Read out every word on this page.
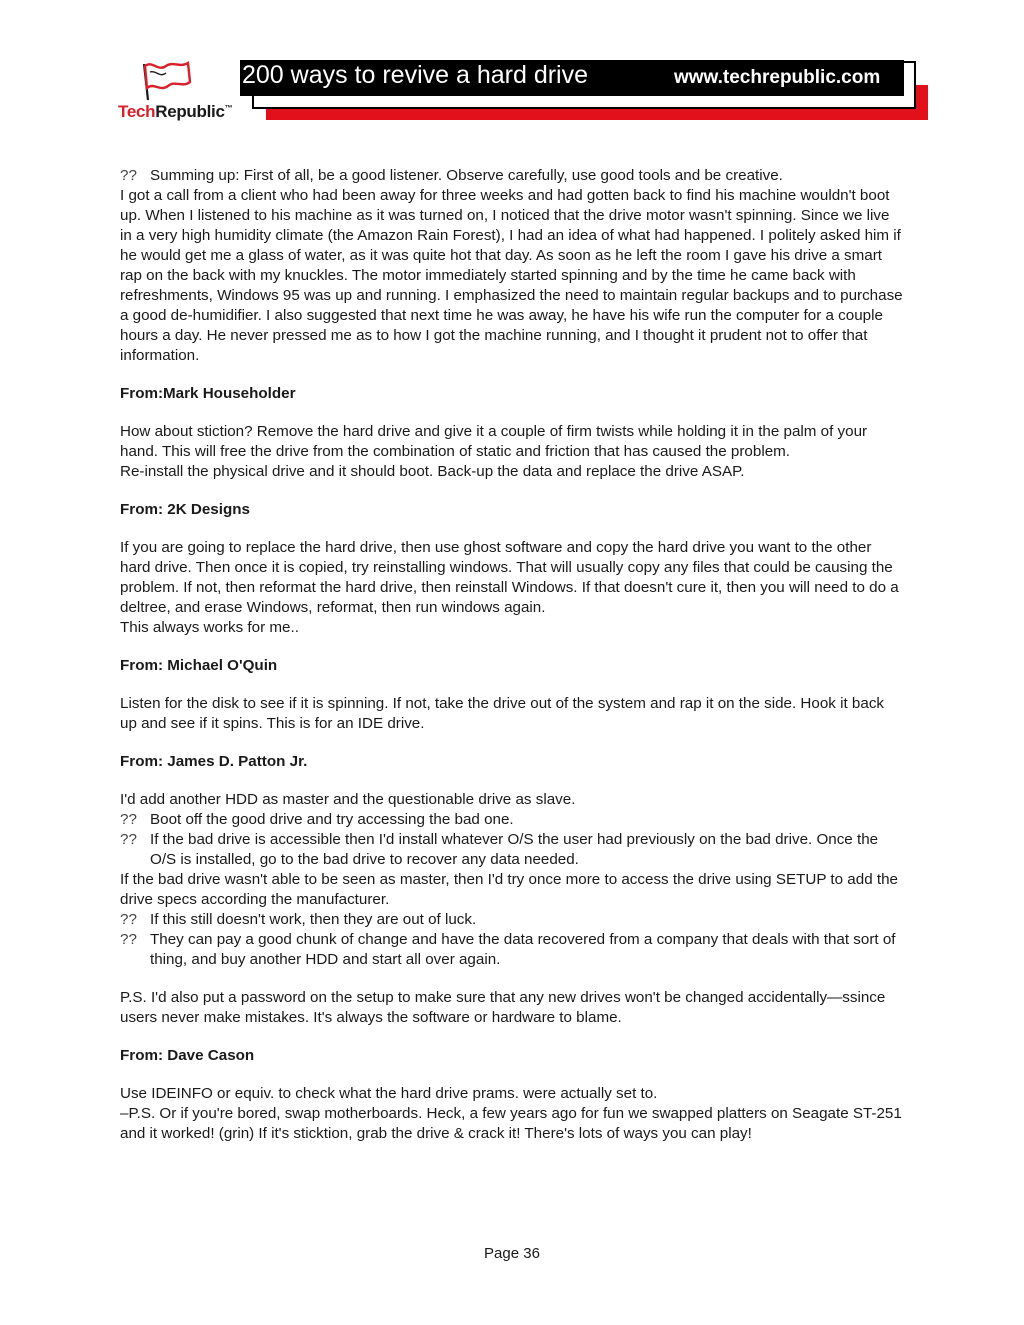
TechRepublic™
200 ways to revive a hard drive	www.techrepublic.com
?? Summing up: First of all, be a good listener. Observe carefully, use good tools and be creative.

I got a call from a client who had been away for three weeks and had gotten back to find his machine wouldn't boot up. When I listened to his machine as it was turned on, I noticed that the drive motor wasn't spinning. Since we live in a very high humidity climate (the Amazon Rain Forest), I had an idea of what had happened. I politely asked him if he would get me a glass of water, as it was quite hot that day. As soon as he left the room I gave his drive a smart rap on the back with my knuckles. The motor immediately started spinning and by the time he came back with refreshments, Windows 95 was up and running. I emphasized the need to maintain regular backups and to purchase a good de-humidifier. I also suggested that next time he was away, he have his wife run the computer for a couple hours a day. He never pressed me as to how I got the machine running, and I thought it prudent not to offer that information.

From:Mark Householder

How about stiction? Remove the hard drive and give it a couple of firm twists while holding it in the palm of your hand. This will free the drive from the combination of static and friction that has caused the problem.

Re-install the physical drive and it should boot. Back-up the data and replace the drive ASAP.

From: 2K Designs

If you are going to replace the hard drive, then use ghost software and copy the hard drive you want to the other hard drive. Then once it is copied, try reinstalling windows. That will usually copy any files that could be causing the problem. If not, then reformat the hard drive, then reinstall Windows. If that doesn't cure it, then you will need to do a deltree, and erase Windows, reformat, then run windows again.

This always works for me..

From: Michael O'Quin

Listen for the disk to see if it is spinning. If not, take the drive out of the system and rap it on the side. Hook it back up and see if it spins. This is for an IDE drive.

From: James D. Patton Jr.

I'd add another HDD as master and the questionable drive as slave.

?? Boot off the good drive and try accessing the bad one.
?? If the bad drive is accessible then I'd install whatever O/S the user had previously on the bad drive. Once the O/S is installed, go to the bad drive to recover any data needed.

If the bad drive wasn't able to be seen as master, then I'd try once more to access the drive using SETUP to add the drive specs according the manufacturer.

?? If this still doesn't work, then they are out of luck.
?? They can pay a good chunk of change and have the data recovered from a company that deals with that sort of thing, and buy another HDD and start all over again.

P.S. I'd also put a password on the setup to make sure that any new drives won't be changed accidentally—ssince users never make mistakes. It's always the software or hardware to blame.

From: Dave Cason

Use IDEINFO or equiv. to check what the hard drive prams. were actually set to.

–P.S. Or if you're bored, swap motherboards. Heck, a few years ago for fun we swapped platters on Seagate ST-251 and it worked! (grin) If it's sticktion, grab the drive & crack it! There's lots of ways you can play!

Page 36
